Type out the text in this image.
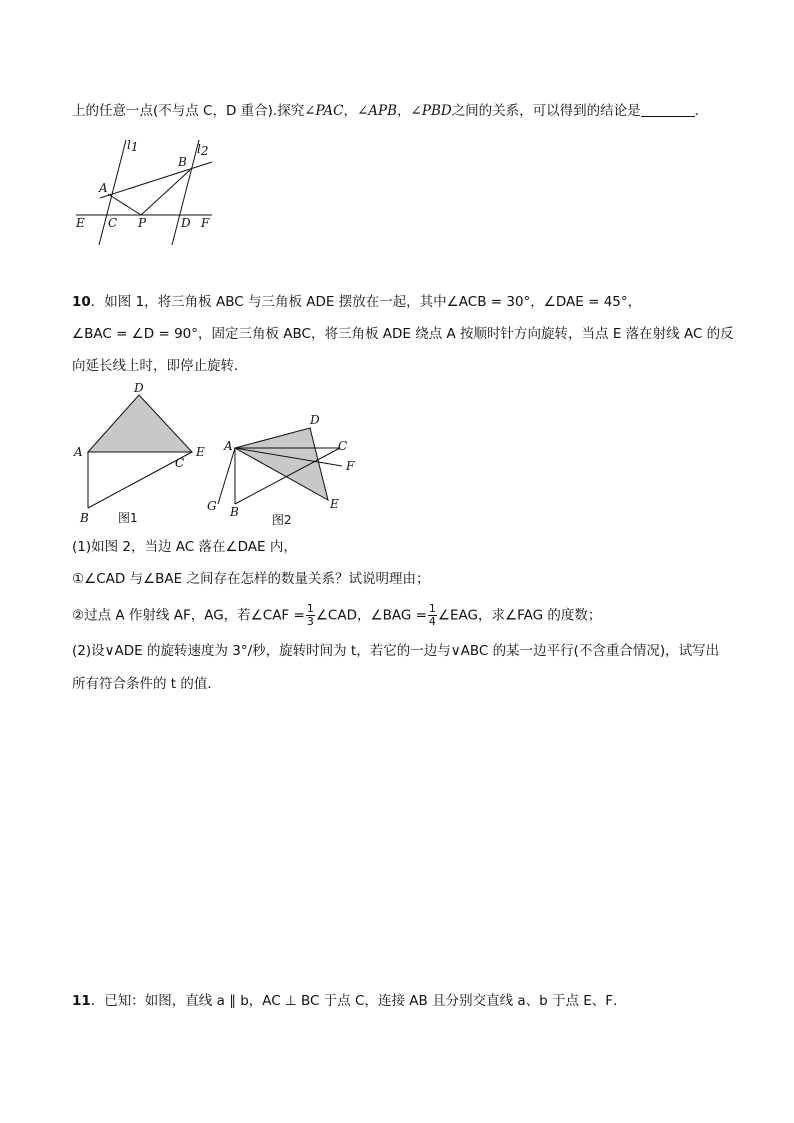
上的任意一点(不与点 C，D 重合).探究∠PAC，∠APB，∠PBD之间的关系，可以得到的结论是	.
l1	l2
A
B
E C P	D F
10．如图 1，将三角板 ABC 与三角板 ADE 摆放在一起，其中∠ACB = 30°，∠DAE = 45°，
∠BAC = ∠D = 90°，固定三角板 ABC，将三角板 ADE 绕点 A 按顺时针方向旋转，当点 E 落在射线 AC 的反
向延长线上时，即停止旋转．
D
A	E
C
B 图1
A
D
C
F
G B
E
图2
(1)如图 2，当边 AC 落在∠DAE 内，
①∠CAD 与∠BAE 之间存在怎样的数量关系？试说明理由；
②过点 A 作射线 AF，AG，若∠CAF = $\frac{1}{3}$ ∠CAD，∠BAG = $\frac{1}{4}$ ∠EAG，求∠FAG 的度数；
(2)设∨ADE 的旋转速度为 3°/秒，旋转时间为 t，若它的一边与∨ABC 的某一边平行(不含重合情况)，试写出
所有符合条件的 t 的值．
11．已知：如图，直线 a ∥ b，AC ⊥ BC 于点 C，连接 AB 且分别交直线 a、b 于点 E、F．
